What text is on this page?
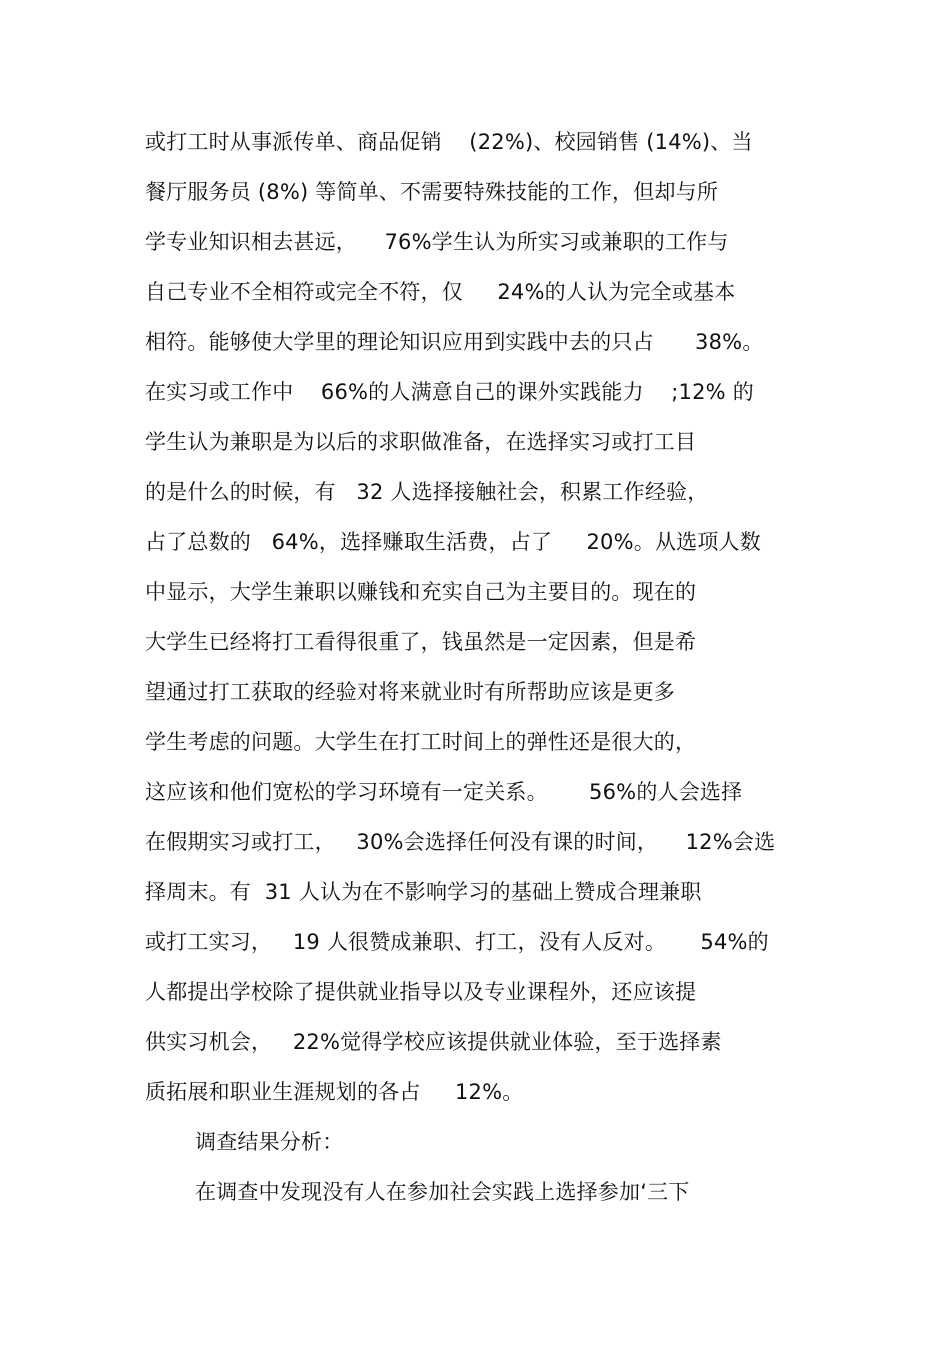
或打工时从事派传单、商品促销    (22%)、校园销售 (14%)、当
餐厅服务员 (8%) 等简单、不需要特殊技能的工作，但却与所
学专业知识相去甚远，    76%学生认为所实习或兼职的工作与
自己专业不全相符或完全不符，仅     24%的人认为完全或基本
相符。能够使大学里的理论知识应用到实践中去的只占      38%。
在实习或工作中    66%的人满意自己的课外实践能力    ;12% 的
学生认为兼职是为以后的求职做准备，在选择实习或打工目
的是什么的时候，有   32 人选择接触社会，积累工作经验，
占了总数的   64%，选择赚取生活费，占了     20%。从选项人数
中显示，大学生兼职以赚钱和充实自己为主要目的。现在的
大学生已经将打工看得很重了，钱虽然是一定因素，但是希
望通过打工获取的经验对将来就业时有所帮助应该是更多
学生考虑的问题。大学生在打工时间上的弹性还是很大的，
这应该和他们宽松的学习环境有一定关系。      56%的人会选择
在假期实习或打工，   30%会选择任何没有课的时间，    12%会选
择周末。有  31 人认为在不影响学习的基础上赞成合理兼职
或打工实习，   19 人很赞成兼职、打工，没有人反对。     54%的
人都提出学校除了提供就业指导以及专业课程外，还应该提
供实习机会，   22%觉得学校应该提供就业体验，至于选择素
质拓展和职业生涯规划的各占     12%。
调查结果分析：
在调查中发现没有人在参加社会实践上选择参加‘三下
